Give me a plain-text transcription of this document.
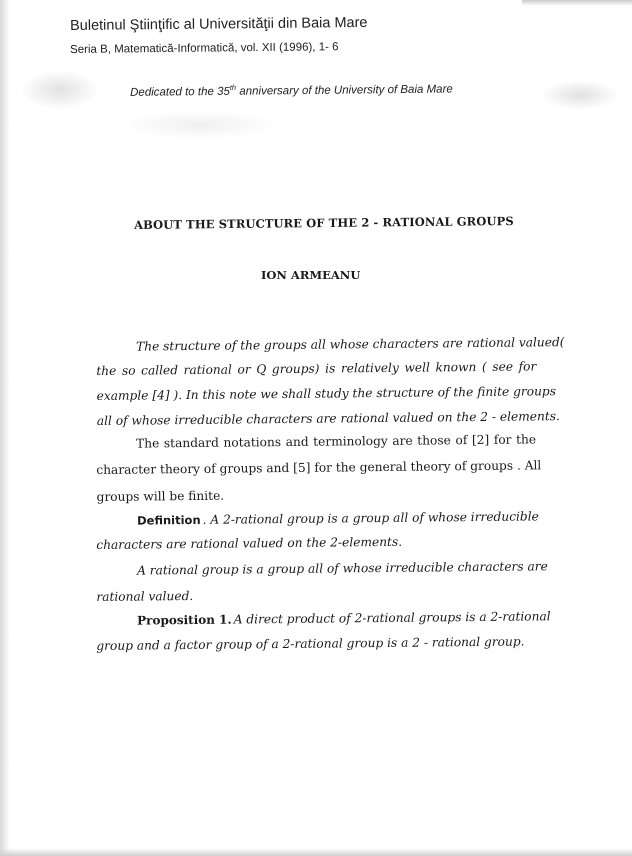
Buletinul Ştiinţific al Universităţii din Baia Mare
Seria B, Matematică-Informatică, vol. XII (1996), 1- 6
Dedicated to the 35th anniversary of the University of Baia Mare
ABOUT THE STRUCTURE OF THE 2 - RATIONAL GROUPS
ION ARMEANU
The structure of the groups all whose characters are rational valued(
the so called rational or Q groups) is relatively well known ( see for
example [4] ). In this note we shall study the structure of the finite groups
all of whose irreducible characters are rational valued on the 2 - elements.
The standard notations and terminology are those of [2] for the
character theory of groups and [5] for the general theory of groups . All
groups will be finite.
Definition . A 2-rational group is a group all of whose irreducible
characters are rational valued on the 2-elements.
A rational group is a group all of whose irreducible characters are
rational valued.
Proposition 1. A direct product of 2-rational groups is a 2-rational
group and a factor group of a 2-rational group is a 2 - rational group.
